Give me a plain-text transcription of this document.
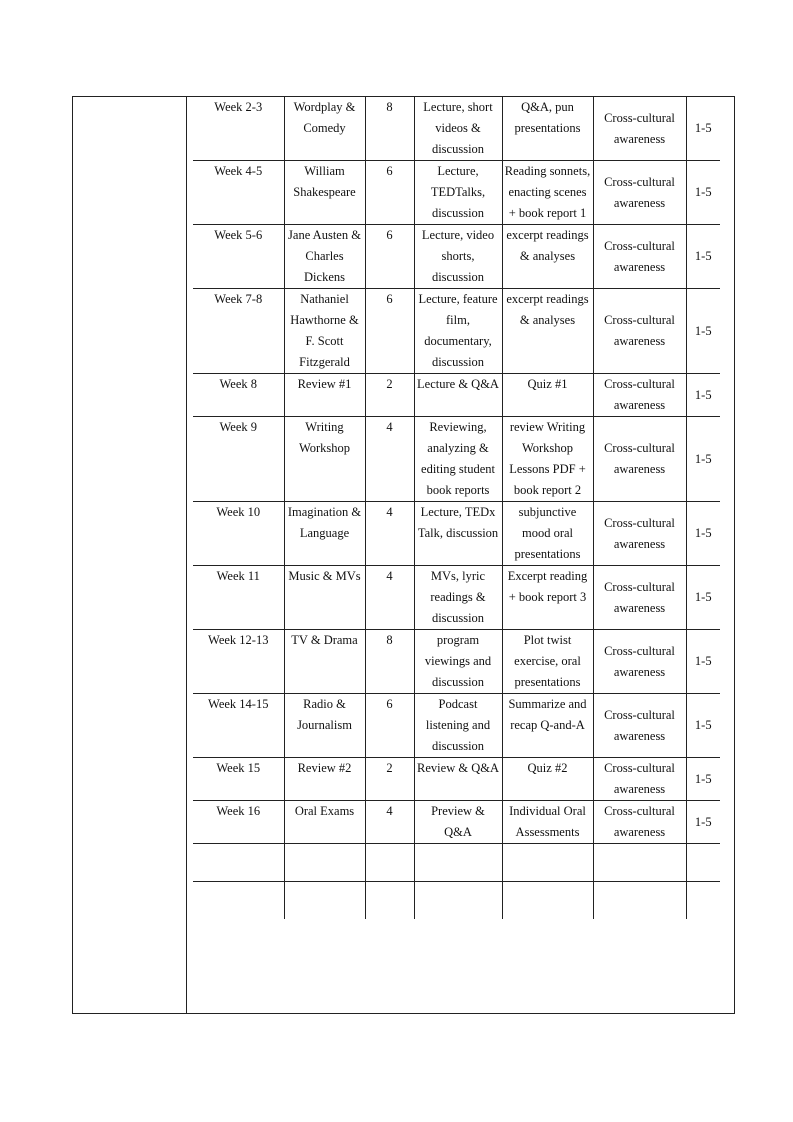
Week 2-3	Wordplay & Comedy	8	Lecture, short videos & discussion	Q&A, pun presentations	Cross-cultural awareness	1-5
Week 4-5	William Shakespeare	6	Lecture, TEDTalks, discussion	Reading sonnets, enacting scenes + book report 1	Cross-cultural awareness	1-5
Week 5-6	Jane Austen & Charles Dickens	6	Lecture, video shorts, discussion	excerpt readings & analyses	Cross-cultural awareness	1-5
Week 7-8	Nathaniel Hawthorne & F. Scott Fitzgerald	6	Lecture, feature film, documentary, discussion	excerpt readings & analyses	Cross-cultural awareness	1-5
Week 8	Review #1	2	Lecture & Q&A	Quiz #1	Cross-cultural awareness	1-5
Week 9	Writing Workshop	4	Reviewing, analyzing & editing student book reports	review Writing Workshop Lessons PDF + book report 2	Cross-cultural awareness	1-5
Week 10	Imagination & Language	4	Lecture, TEDx Talk, discussion	subjunctive mood oral presentations	Cross-cultural awareness	1-5
Week 11	Music & MVs	4	MVs, lyric readings & discussion	Excerpt reading + book report 3	Cross-cultural awareness	1-5
Week 12-13	TV & Drama	8	program viewings and discussion	Plot twist exercise, oral presentations	Cross-cultural awareness	1-5
Week 14-15	Radio & Journalism	6	Podcast listening and discussion	Summarize and recap Q-and-A	Cross-cultural awareness	1-5
Week 15	Review #2	2	Review & Q&A	Quiz #2	Cross-cultural awareness	1-5
Week 16	Oral Exams	4	Preview & Q&A	Individual Oral Assessments	Cross-cultural awareness	1-5
